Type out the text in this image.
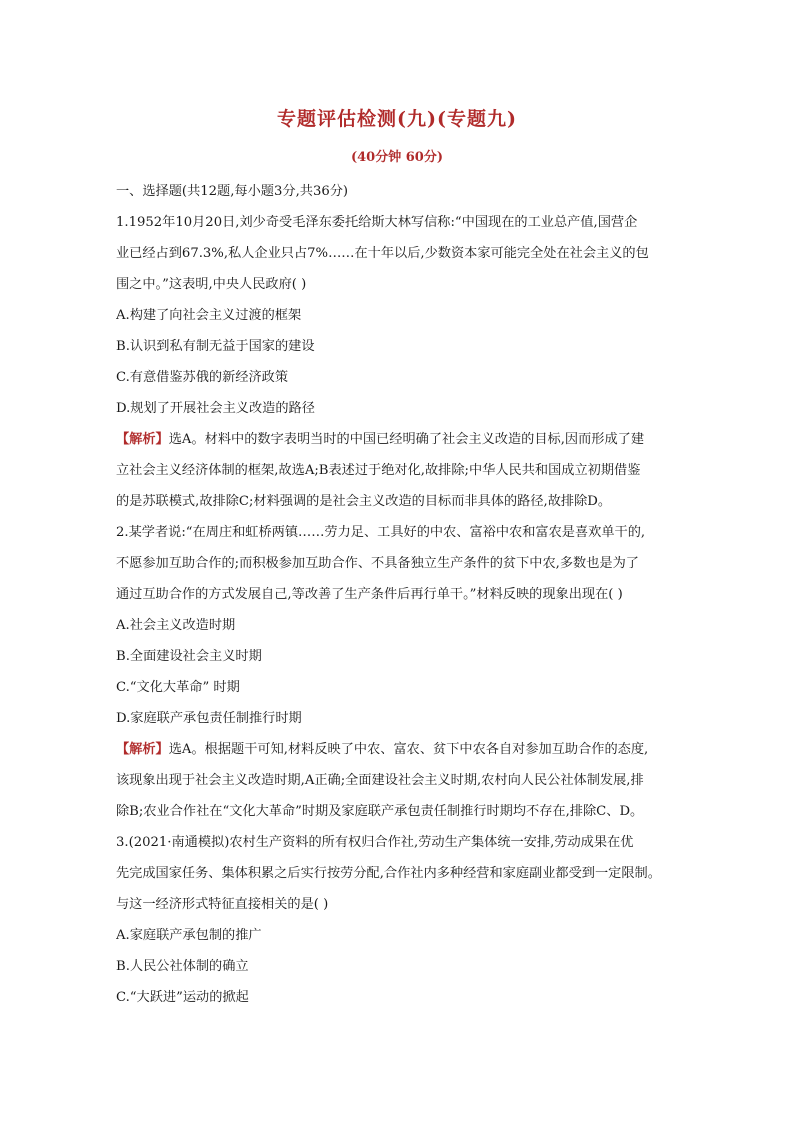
专题评估检测(九)(专题九)
(40分钟 60分)
一、选择题(共12题,每小题3分,共36分)
1.1952年10月20日,刘少奇受毛泽东委托给斯大林写信称:“中国现在的工业总产值,国营企
业已经占到67.3%,私人企业只占7%……在十年以后,少数资本家可能完全处在社会主义的包
围之中。”这表明,中央人民政府( )
A.构建了向社会主义过渡的框架
B.认识到私有制无益于国家的建设
C.有意借鉴苏俄的新经济政策
D.规划了开展社会主义改造的路径
【解析】选A。材料中的数字表明当时的中国已经明确了社会主义改造的目标,因而形成了建
立社会主义经济体制的框架,故选A;B表述过于绝对化,故排除;中华人民共和国成立初期借鉴
的是苏联模式,故排除C;材料强调的是社会主义改造的目标而非具体的路径,故排除D。
2.某学者说:“在周庄和虹桥两镇……劳力足、工具好的中农、富裕中农和富农是喜欢单干的,
不愿参加互助合作的;而积极参加互助合作、不具备独立生产条件的贫下中农,多数也是为了
通过互助合作的方式发展自己,等改善了生产条件后再行单干。”材料反映的现象出现在( )
A.社会主义改造时期
B.全面建设社会主义时期
C.“文化大革命” 时期
D.家庭联产承包责任制推行时期
【解析】选A。根据题干可知,材料反映了中农、富农、贫下中农各自对参加互助合作的态度,
该现象出现于社会主义改造时期,A正确;全面建设社会主义时期,农村向人民公社体制发展,排
除B;农业合作社在“文化大革命”时期及家庭联产承包责任制推行时期均不存在,排除C、D。
3.(2021·南通模拟)农村生产资料的所有权归合作社,劳动生产集体统一安排,劳动成果在优
先完成国家任务、集体积累之后实行按劳分配,合作社内多种经营和家庭副业都受到一定限制。
与这一经济形式特征直接相关的是( )
A.家庭联产承包制的推广
B.人民公社体制的确立
C.“大跃进”运动的掀起
